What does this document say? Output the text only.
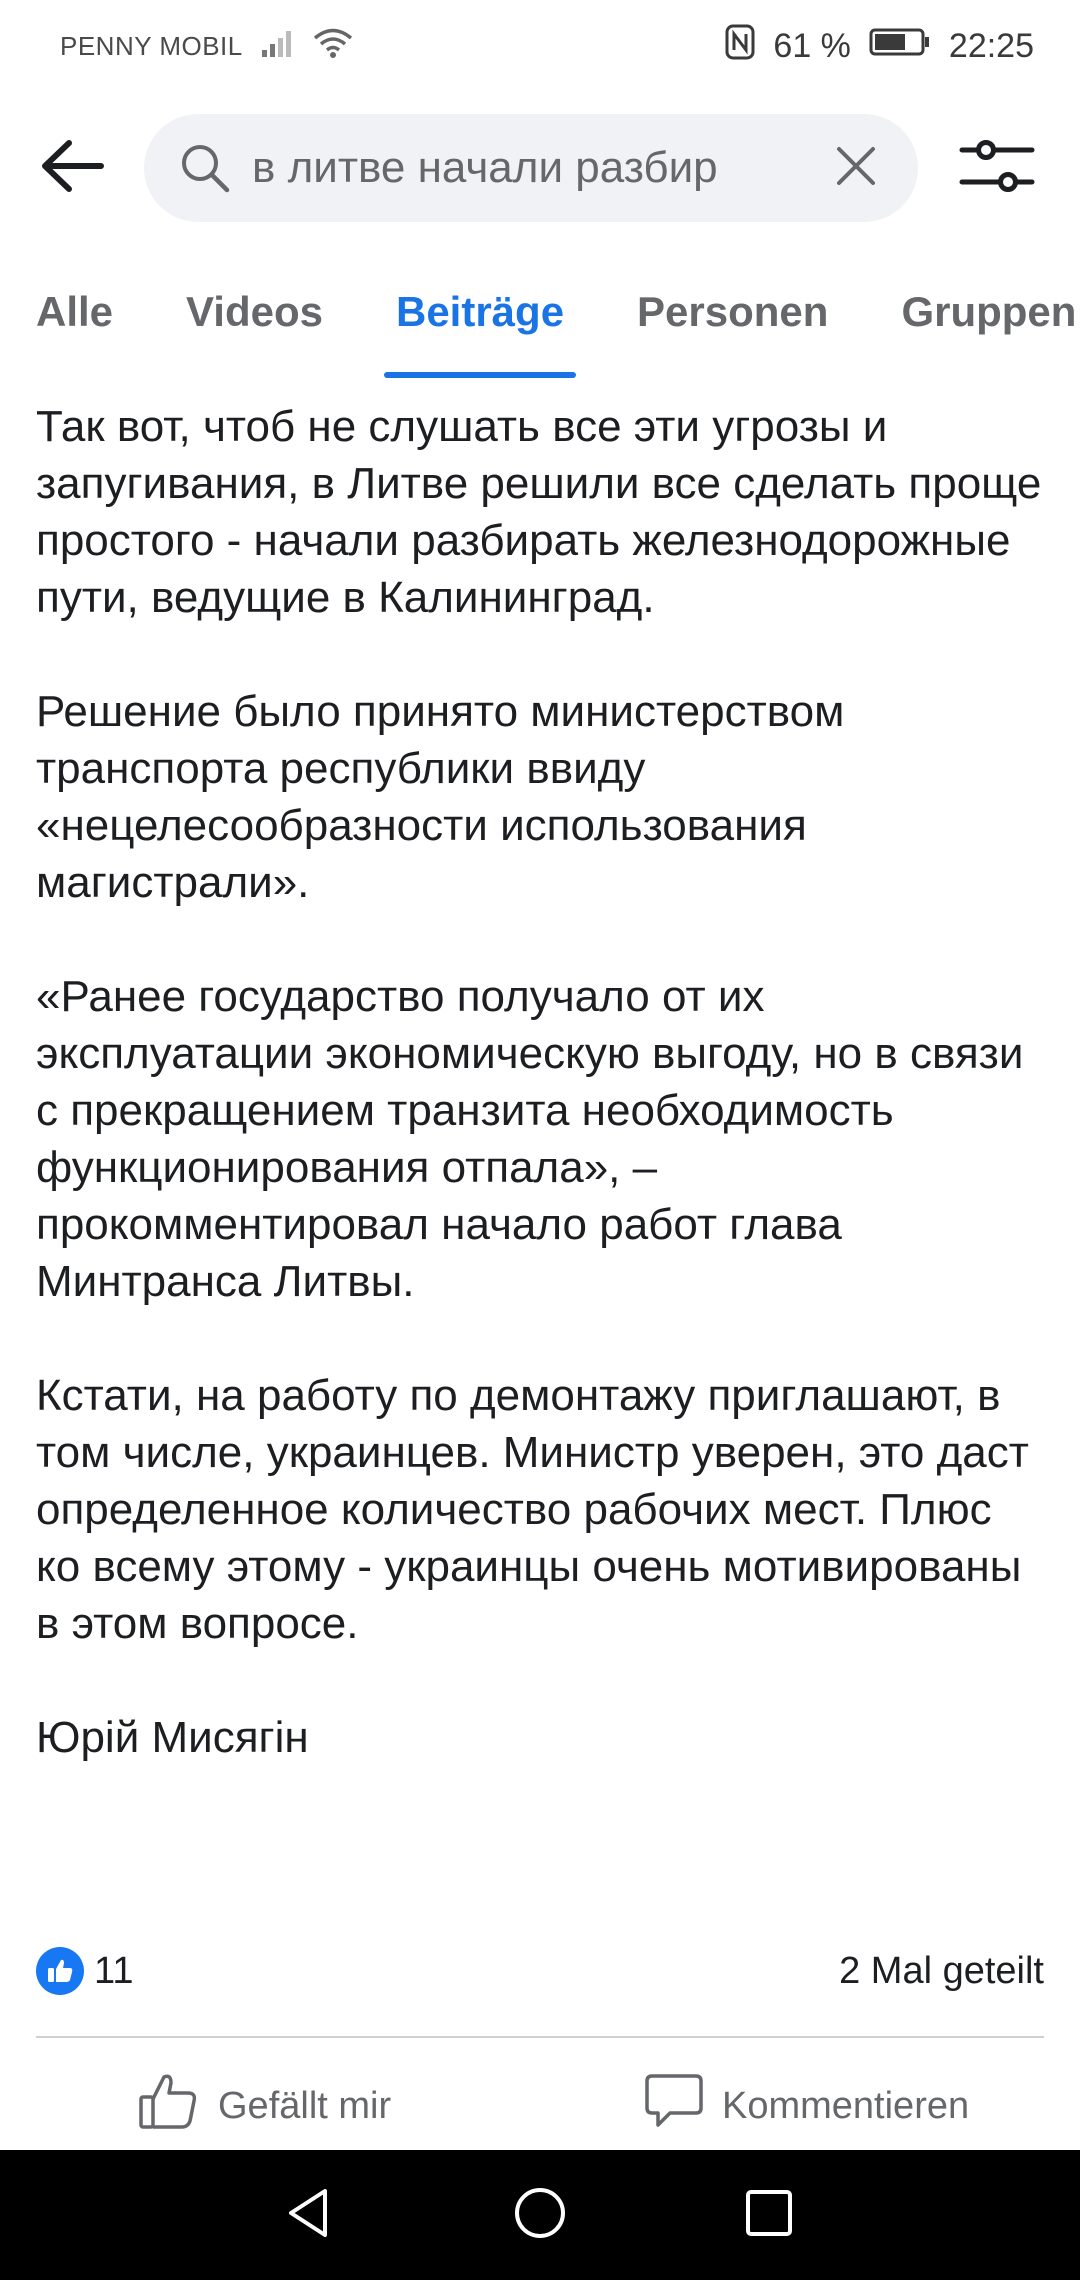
PENNY MOBIL	61 %	22:25
в литве начали разбир
Alle Videos Beiträge Personen Gruppen

Так вот, чтоб не слушать все эти угрозы и запугивания, в Литве решили все сделать проще простого - начали разбирать железнодорожные пути, ведущие в Калининград.

Решение было принято министерством транспорта республики ввиду «нецелесообразности использования магистрали».

«Ранее государство получало от их эксплуатации экономическую выгоду, но в связи с прекращением транзита необходимость функционирования отпала», – прокомментировал начало работ глава Минтранса Литвы.

Кстати, на работу по демонтажу приглашают, в том числе, украинцев. Министр уверен, это даст определенное количество рабочих мест. Плюс ко всему этому - украинцы очень мотивированы в этом вопросе.

Юрій Мисягін

11	2 Mal geteilt
Gefällt mir	Kommentieren
